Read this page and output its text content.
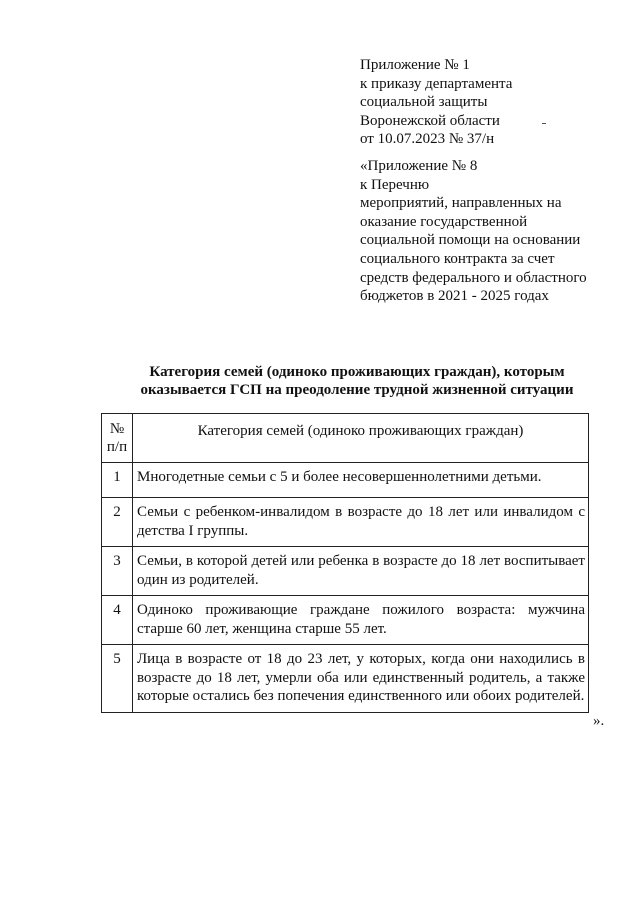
Приложение № 1
к приказу департамента
социальной защиты
Воронежской области
от 10.07.2023 № 37/н
«Приложение № 8
к Перечню
мероприятий, направленных на
оказание государственной
социальной помощи на основании
социального контракта за счет
средств федерального и областного
бюджетов в 2021 - 2025 годах
Категория семей (одиноко проживающих граждан), которым
оказывается ГСП на преодоление трудной жизненной ситуации
№
п/п	Категория семей (одиноко проживающих граждан)
1	Многодетные семьи с 5 и более несовершеннолетними детьми.
2	Семьи с ребенком-инвалидом в возрасте до 18 лет или инвалидом с детства I группы.
3	Семьи, в которой детей или ребенка в возрасте до 18 лет воспитывает один из родителей.
4	Одиноко проживающие граждане пожилого возраста: мужчина старше 60 лет, женщина старше 55 лет.
5	Лица в возрасте от 18 до 23 лет, у которых, когда они находились в возрасте до 18 лет, умерли оба или единственный родитель, а также которые остались без попечения единственного или обоих родителей.
».
